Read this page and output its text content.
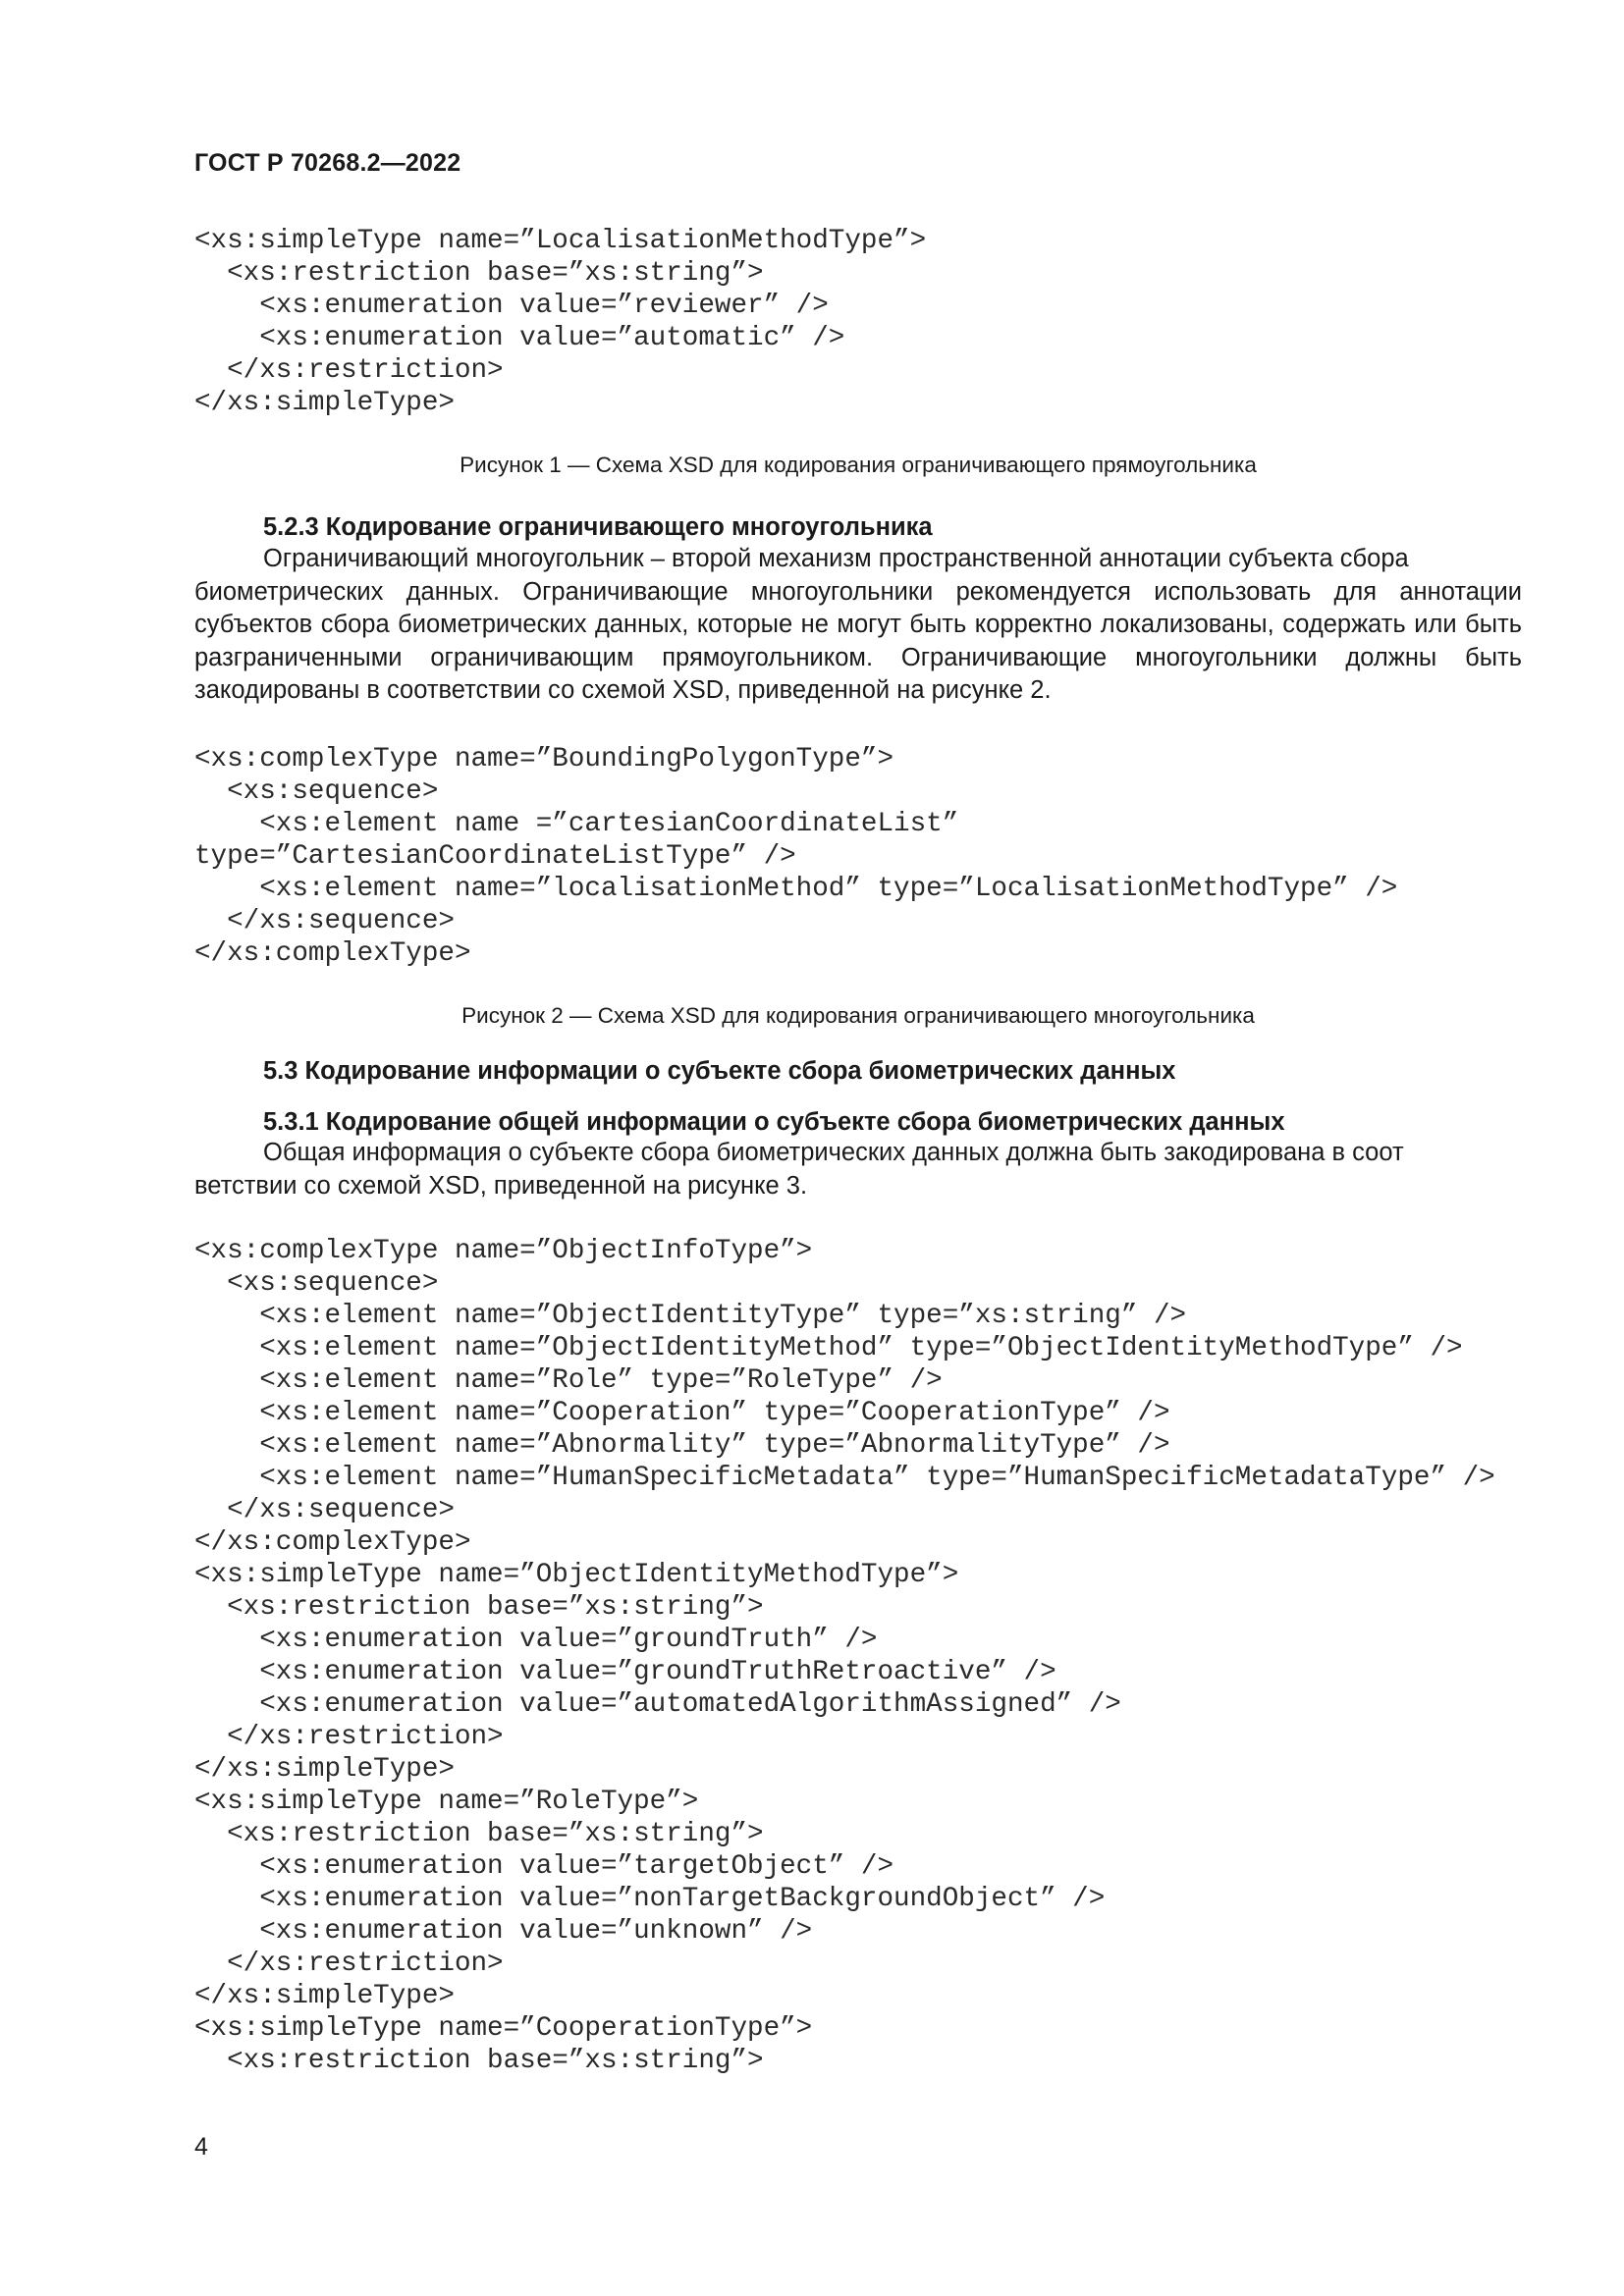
ГОСТ Р 70268.2—2022
<xs:simpleType name=”LocalisationMethodType”>
<xs:restriction base=”xs:string”>
<xs:enumeration value=”reviewer” />
<xs:enumeration value=”automatic” />
</xs:restriction>
</xs:simpleType>
Рисунок 1 — Схема XSD для кодирования ограничивающего прямоугольника
5.2.3 Кодирование ограничивающего многоугольника

Ограничивающий многоугольник – второй механизм пространственной аннотации субъекта сбора
биометрических данных. Ограничивающие многоугольники рекомендуется использовать для аннотации субъектов сбора биометрических данных, которые не могут быть корректно локализованы, содержать или быть разграниченными ограничивающим прямоугольником. Ограничивающие многоугольники должны быть закодированы в соответствии со схемой XSD, приведенной на рисунке 2.

<xs:complexType name=”BoundingPolygonType”>
<xs:sequence>
<xs:element name =”cartesianCoordinateList”
type=”CartesianCoordinateListType” />
<xs:element name=”localisationMethod” type=”LocalisationMethodType” />
</xs:sequence>
</xs:complexType>
Рисунок 2 — Схема XSD для кодирования ограничивающего многоугольника
5.3 Кодирование информации о субъекте сбора биометрических данных
5.3.1 Кодирование общей информации о субъекте сбора биометрических данных

Общая информация о субъекте сбора биометрических данных должна быть закодирована в соот
ветствии со схемой XSD, приведенной на рисунке 3.

<xs:complexType name=”ObjectInfoType”>
<xs:sequence>
<xs:element name=”ObjectIdentityType” type=”xs:string” />
<xs:element name=”ObjectIdentityMethod” type=”ObjectIdentityMethodType” />
<xs:element name=”Role” type=”RoleType” />
<xs:element name=”Cooperation” type=”CooperationType” />
<xs:element name=”Abnormality” type=”AbnormalityType” />
<xs:element name=”HumanSpecificMetadata” type=”HumanSpecificMetadataType” />
</xs:sequence>
</xs:complexType>
<xs:simpleType name=”ObjectIdentityMethodType”>
<xs:restriction base=”xs:string”>
<xs:enumeration value=”groundTruth” />
<xs:enumeration value=”groundTruthRetroactive” />
<xs:enumeration value=”automatedAlgorithmAssigned” />
</xs:restriction>
</xs:simpleType>
<xs:simpleType name=”RoleType”>
<xs:restriction base=”xs:string”>
<xs:enumeration value=”targetObject” />
<xs:enumeration value=”nonTargetBackgroundObject” />
<xs:enumeration value=”unknown” />
</xs:restriction>
</xs:simpleType>
<xs:simpleType name=”CooperationType”>
<xs:restriction base=”xs:string”>
4
